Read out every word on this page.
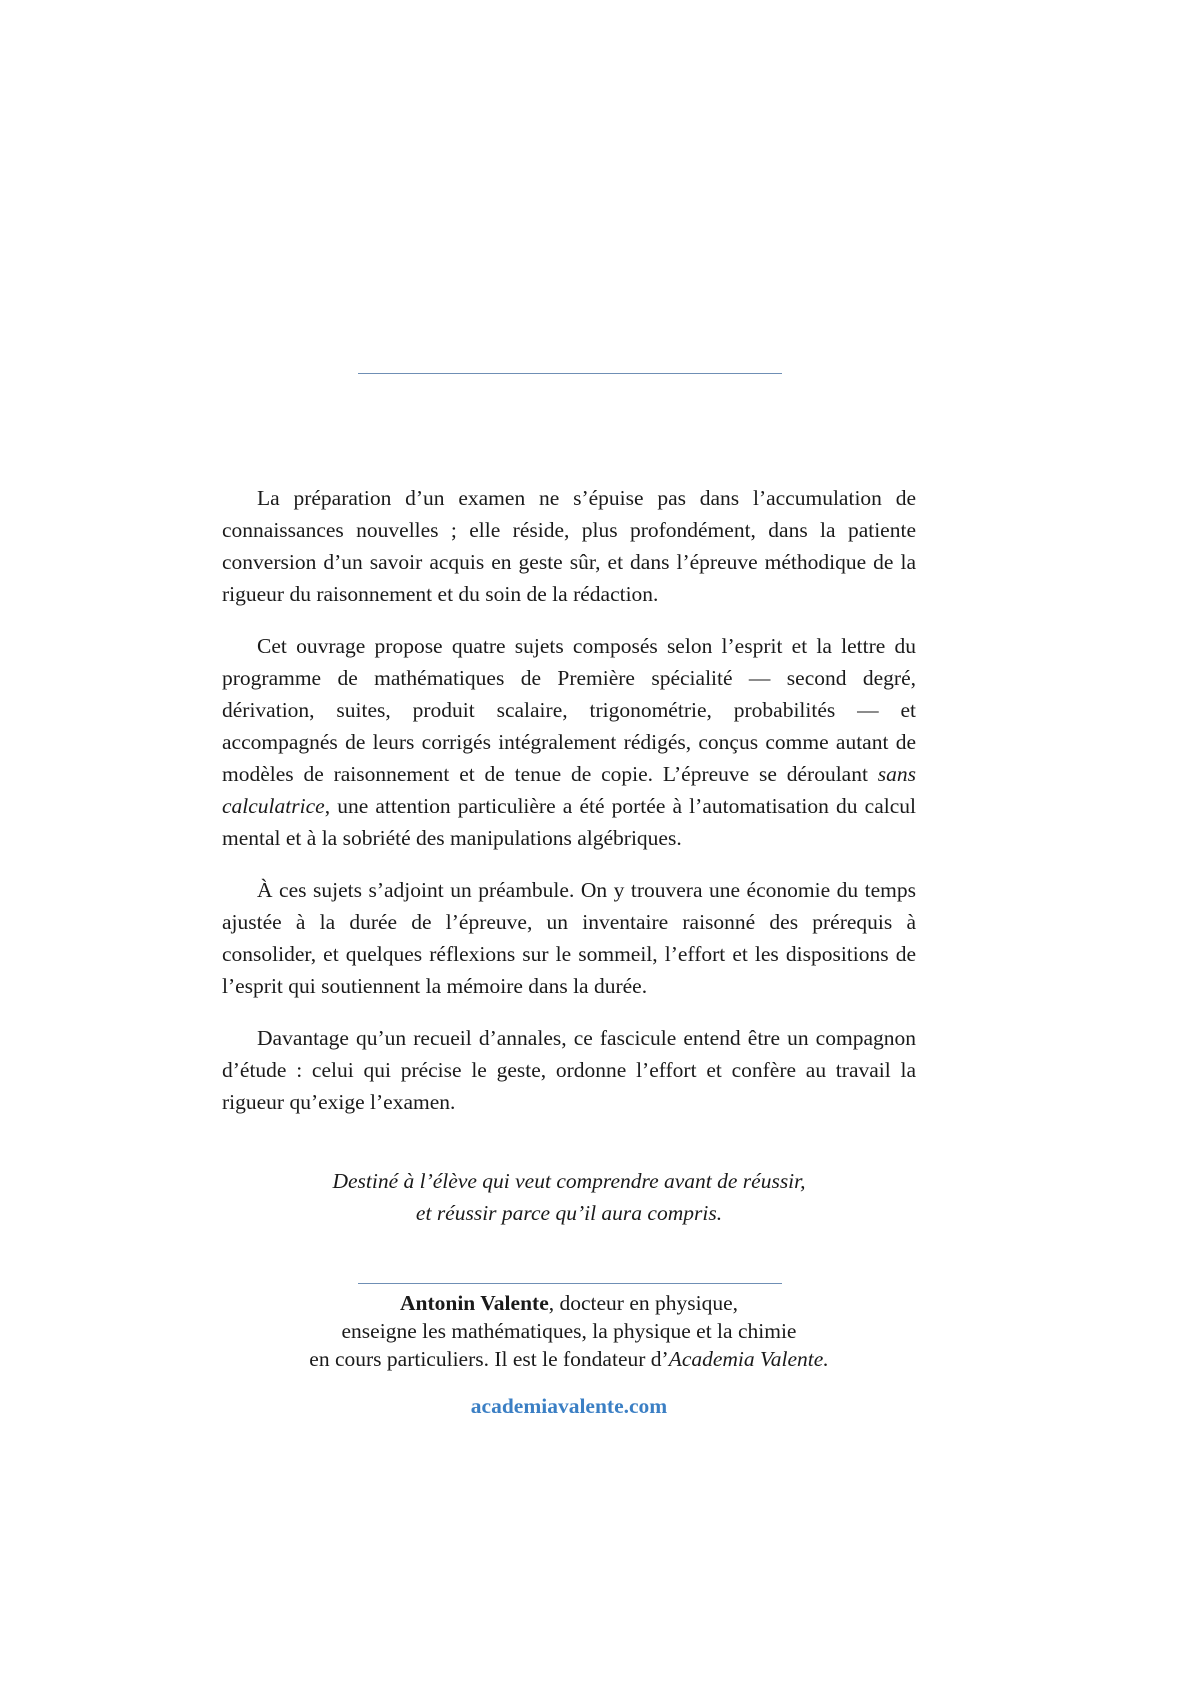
La préparation d’un examen ne s’épuise pas dans l’accumulation de connaissances nouvelles ; elle réside, plus profondément, dans la patiente conversion d’un savoir acquis en geste sûr, et dans l’épreuve méthodique de la rigueur du raisonnement et du soin de la rédaction.

Cet ouvrage propose quatre sujets composés selon l’esprit et la lettre du programme de mathématiques de Première spécialité — second degré, dérivation, suites, produit scalaire, trigonométrie, probabilités — et accompagnés de leurs corrigés intégralement rédigés, conçus comme autant de modèles de raisonnement et de tenue de copie. L’épreuve se déroulant sans calculatrice, une attention particulière a été portée à l’automatisation du calcul mental et à la sobriété des manipulations algébriques.

À ces sujets s’adjoint un préambule. On y trouvera une économie du temps ajustée à la durée de l’épreuve, un inventaire raisonné des prérequis à consolider, et quelques réflexions sur le sommeil, l’effort et les dispositions de l’esprit qui soutiennent la mémoire dans la durée.

Davantage qu’un recueil d’annales, ce fascicule entend être un compagnon d’étude : celui qui précise le geste, ordonne l’effort et confère au travail la rigueur qu’exige l’examen.

Destiné à l’élève qui veut comprendre avant de réussir,
et réussir parce qu’il aura compris.
Antonin Valente, docteur en physique,
enseigne les mathématiques, la physique et la chimie
en cours particuliers. Il est le fondateur d’Academia Valente.
academiavalente.com
